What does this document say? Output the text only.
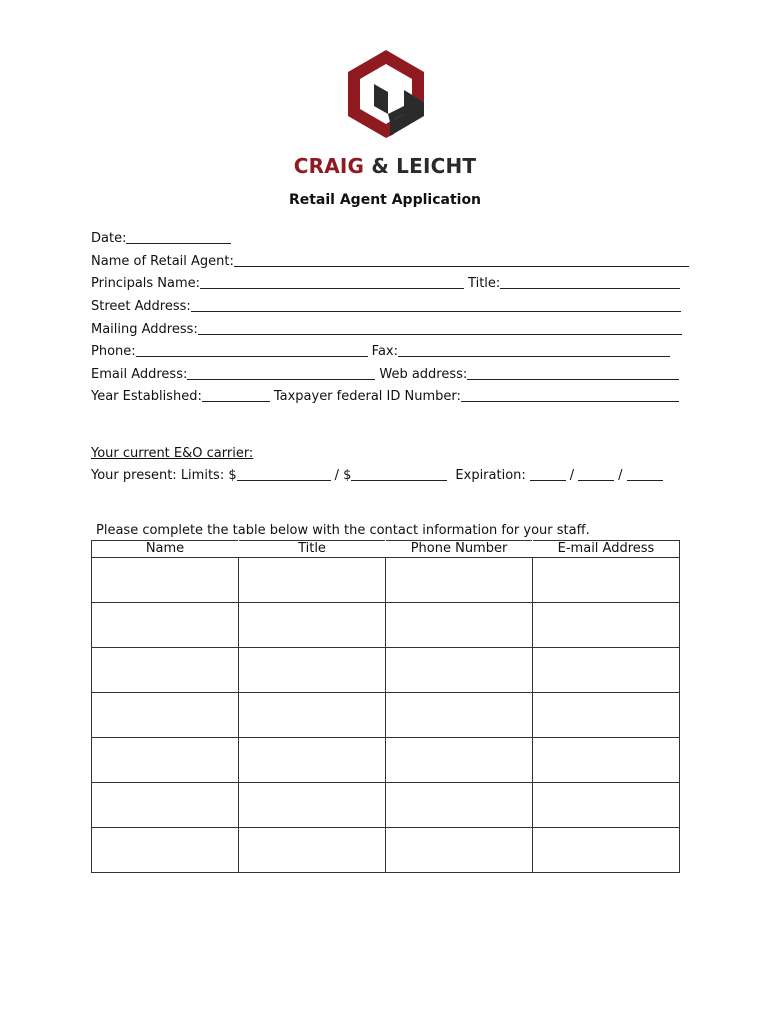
CRAIG & LEICHT
Retail Agent Application
Date:
Name of Retail Agent:
Principals Name:	Title:
Street Address:
Mailing Address:
Phone:	Fax:
Email Address:	Web address:
Year Established:	Taxpayer federal ID Number:
Your current E&O carrier:
Your present: Limits: $	/ $	Expiration:	/	/
Please complete the table below with the contact information for your staff.
Name	Title	Phone Number	E-mail Address
